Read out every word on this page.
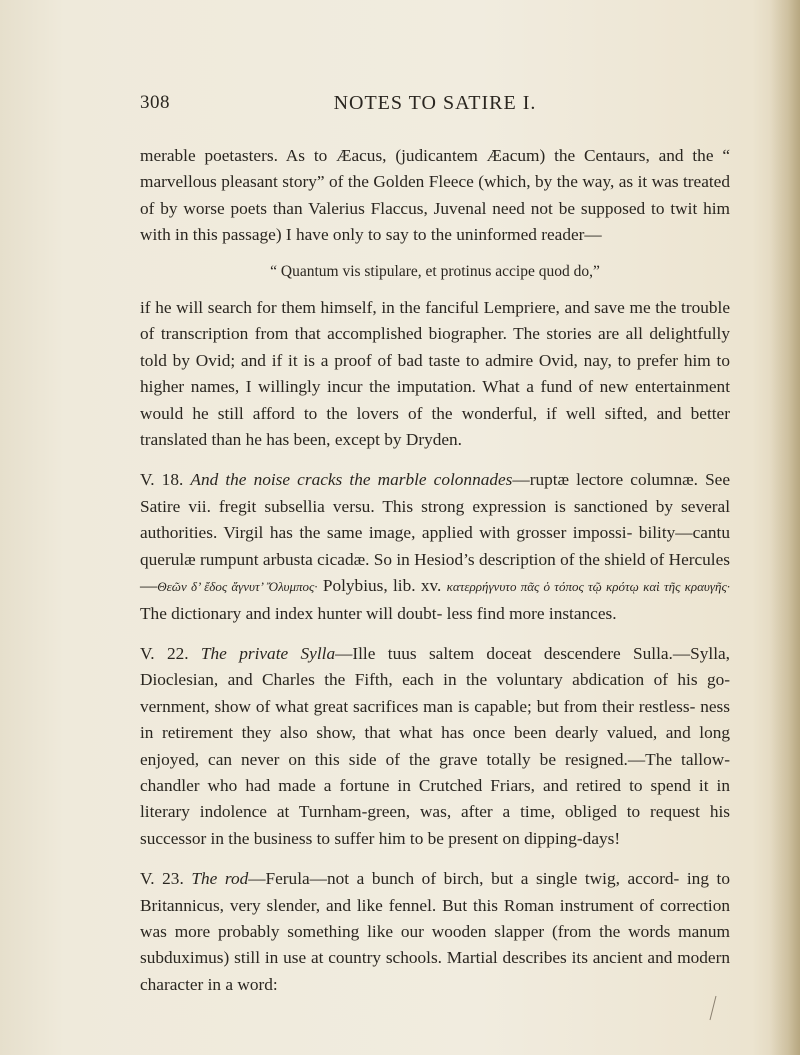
308	NOTES TO SATIRE I.

merable poetasters. As to Æacus, (judicantem Æacum) the Centaurs, and the “ marvellous pleasant story” of the Golden Fleece (which, by the way, as it was treated of by worse poets than Valerius Flaccus, Juvenal need not be supposed to twit him with in this passage) I have only to say to the uninformed reader—

“ Quantum vis stipulare, et protinus accipe quod do,”

if he will search for them himself, in the fanciful Lempriere, and save me the trouble of transcription from that accomplished biographer. The stories are all delightfully told by Ovid; and if it is a proof of bad taste to admire Ovid, nay, to prefer him to higher names, I willingly incur the imputation. What a fund of new entertainment would he still afford to the lovers of the wonderful, if well sifted, and better translated than he has been, except by Dryden.

V. 18. And the noise cracks the marble colonnades—ruptæ lectore columnæ. See Satire vii. fregit subsellia versu. This strong expression is sanctioned by several authorities. Virgil has the same image, applied with grosser impossi- bility—cantu querulæ rumpunt arbusta cicadæ. So in Hesiod’s description of the shield of Hercules—Θεῶν δ’ ἔδος ἄγνυτ’ Ὄλυμπος· Polybius, lib. xv. κατερρήγνυτο πᾶς ὁ τόπος τῷ κρότῳ καὶ τῆς κραυγῆς· The dictionary and index hunter will doubt- less find more instances.

V. 22. The private Sylla—Ille tuus saltem doceat descendere Sulla.—Sylla, Dioclesian, and Charles the Fifth, each in the voluntary abdication of his go- vernment, show of what great sacrifices man is capable; but from their restless- ness in retirement they also show, that what has once been dearly valued, and long enjoyed, can never on this side of the grave totally be resigned.—The tallow-chandler who had made a fortune in Crutched Friars, and retired to spend it in literary indolence at Turnham-green, was, after a time, obliged to request his successor in the business to suffer him to be present on dipping-days!

V. 23. The rod—Ferula—not a bunch of birch, but a single twig, accord- ing to Britannicus, very slender, and like fennel. But this Roman instrument of correction was more probably something like our wooden slapper (from the words manum subduximus) still in use at country schools. Martial describes its ancient and modern character in a word:
